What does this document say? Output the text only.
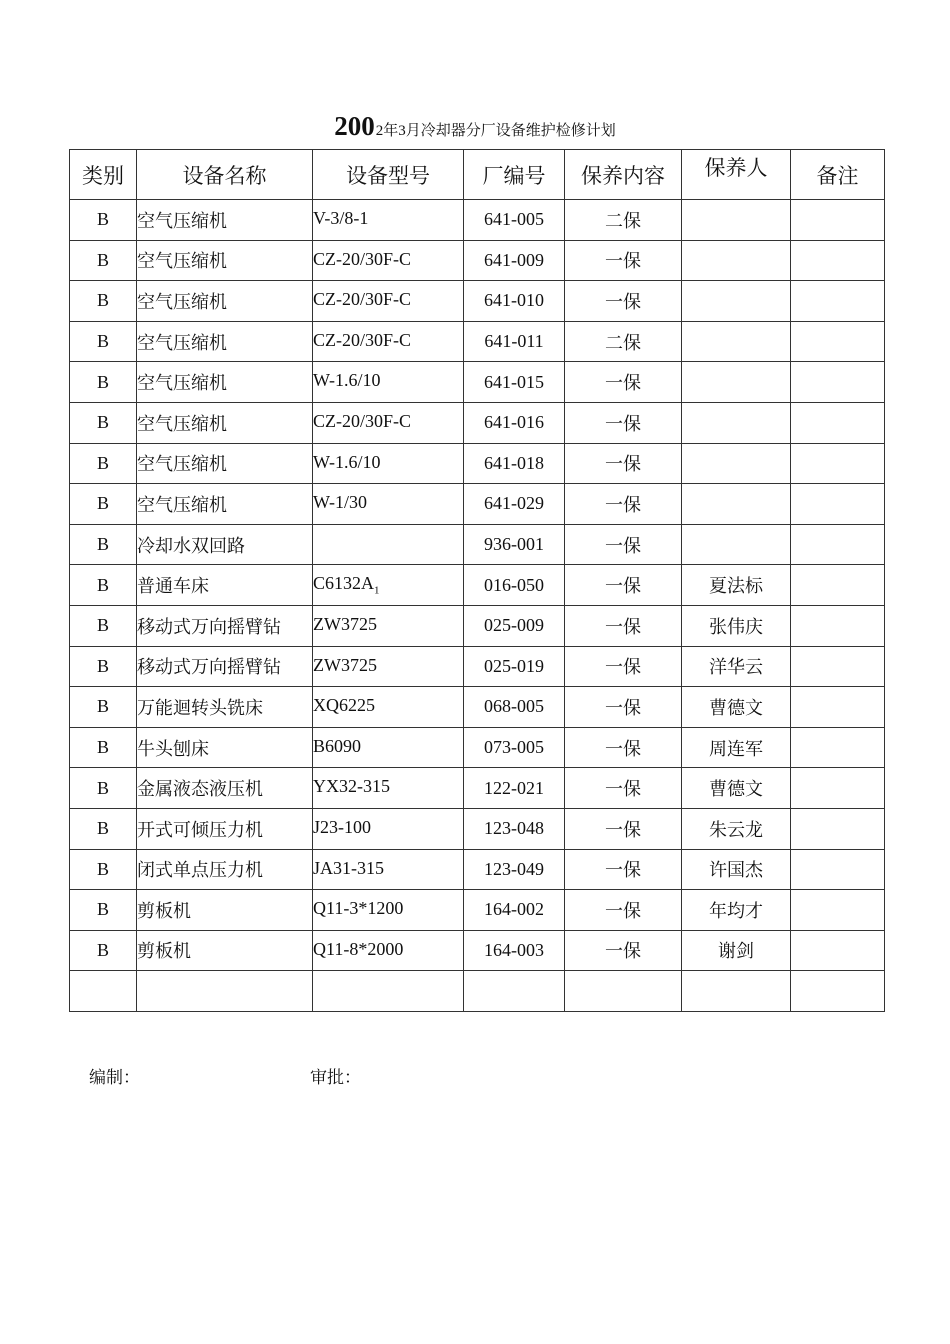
2002年3月冷却器分厂设备维护检修计划
类别	设备名称	设备型号	厂编号	保养内容	保养人	备注
B	空气压缩机	V-3/8-1	641-005	二保		
B	空气压缩机	CZ-20/30F-C	641-009	一保		
B	空气压缩机	CZ-20/30F-C	641-010	一保		
B	空气压缩机	CZ-20/30F-C	641-011	二保		
B	空气压缩机	W-1.6/10	641-015	一保		
B	空气压缩机	CZ-20/30F-C	641-016	一保		
B	空气压缩机	W-1.6/10	641-018	一保		
B	空气压缩机	W-1/30	641-029	一保		
B	冷却水双回路		936-001	一保		
B	普通车床	$C6132A_1$	016-050	一保	夏法标	
B	移动式万向摇臂钻	ZW3725	025-009	一保	张伟庆	
B	移动式万向摇臂钻	ZW3725	025-019	一保	洋华云	
B	万能迴转头铣床	XQ6225	068-005	一保	曹德文	
B	牛头刨床	B6090	073-005	一保	周连军	
B	金属液态液压机	YX32-315	122-021	一保	曹德文	
B	开式可倾压力机	J23-100	123-048	一保	朱云龙	
B	闭式单点压力机	JA31-315	123-049	一保	许国杰	
B	剪板机	Q11-3*1200	164-002	一保	年均才	
B	剪板机	Q11-8*2000	164-003	一保	谢剑	

编制：	审批：
